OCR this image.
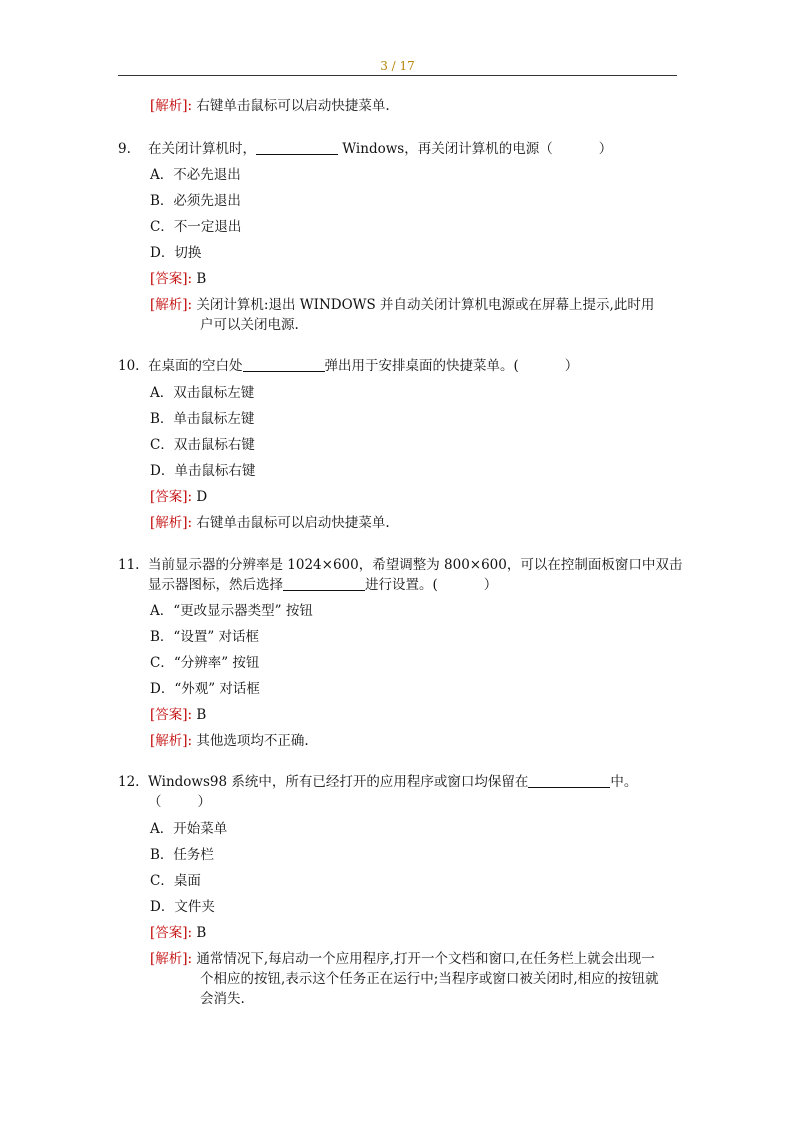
3 / 17
[解析]: 右键单击鼠标可以启动快捷菜单.
9. 在关闭计算机时，	Windows，再关闭计算机的电源（	）
A．不必先退出
B．必须先退出
C．不一定退出
D．切换
[答案]: B
[解析]: 关闭计算机:退出 WINDOWS 并自动关闭计算机电源或在屏幕上提示,此时用
户可以关闭电源.
10. 在桌面的空白处	弹出用于安排桌面的快捷菜单。(	）
A．双击鼠标左键
B．单击鼠标左键
C．双击鼠标右键
D．单击鼠标右键
[答案]: D
[解析]: 右键单击鼠标可以启动快捷菜单.
11. 当前显示器的分辨率是 1024×600，希望调整为 800×600，可以在控制面板窗口中双击
显示器图标，然后选择	进行设置。(	）
A．“更改显示器类型” 按钮
B．“设置” 对话框
C．“分辨率” 按钮
D．“外观” 对话框
[答案]: B
[解析]: 其他选项均不正确.
12. Windows98 系统中，所有已经打开的应用程序或窗口均保留在	中。
（	）
A．开始菜单
B．任务栏
C．桌面
D．文件夹
[答案]: B
[解析]: 通常情况下,每启动一个应用程序,打开一个文档和窗口,在任务栏上就会出现一
个相应的按钮,表示这个任务正在运行中;当程序或窗口被关闭时,相应的按钮就
会消失.
